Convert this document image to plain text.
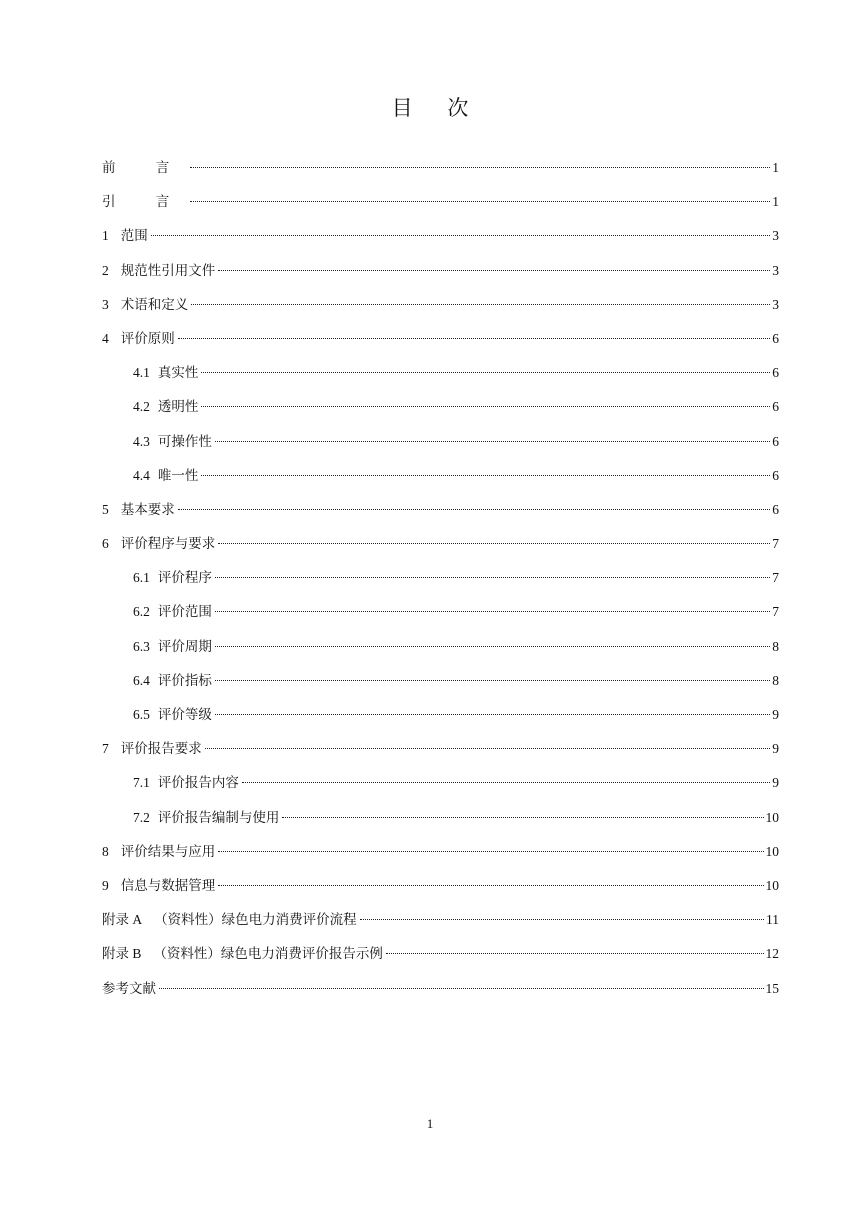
目 次
前 言	1
引 言	1
1 范围	3
2 规范性引用文件	3
3 术语和定义	3
4 评价原则	6
4.1 真实性	6
4.2 透明性	6
4.3 可操作性	6
4.4 唯一性	6
5 基本要求	6
6 评价程序与要求	7
6.1 评价程序	7
6.2 评价范围	7
6.3 评价周期	8
6.4 评价指标	8
6.5 评价等级	9
7 评价报告要求	9
7.1 评价报告内容	9
7.2 评价报告编制与使用	10
8 评价结果与应用	10
9 信息与数据管理	10
附录 A （资料性）绿色电力消费评价流程	11
附录 B （资料性）绿色电力消费评价报告示例	12
参考文献	15
1
